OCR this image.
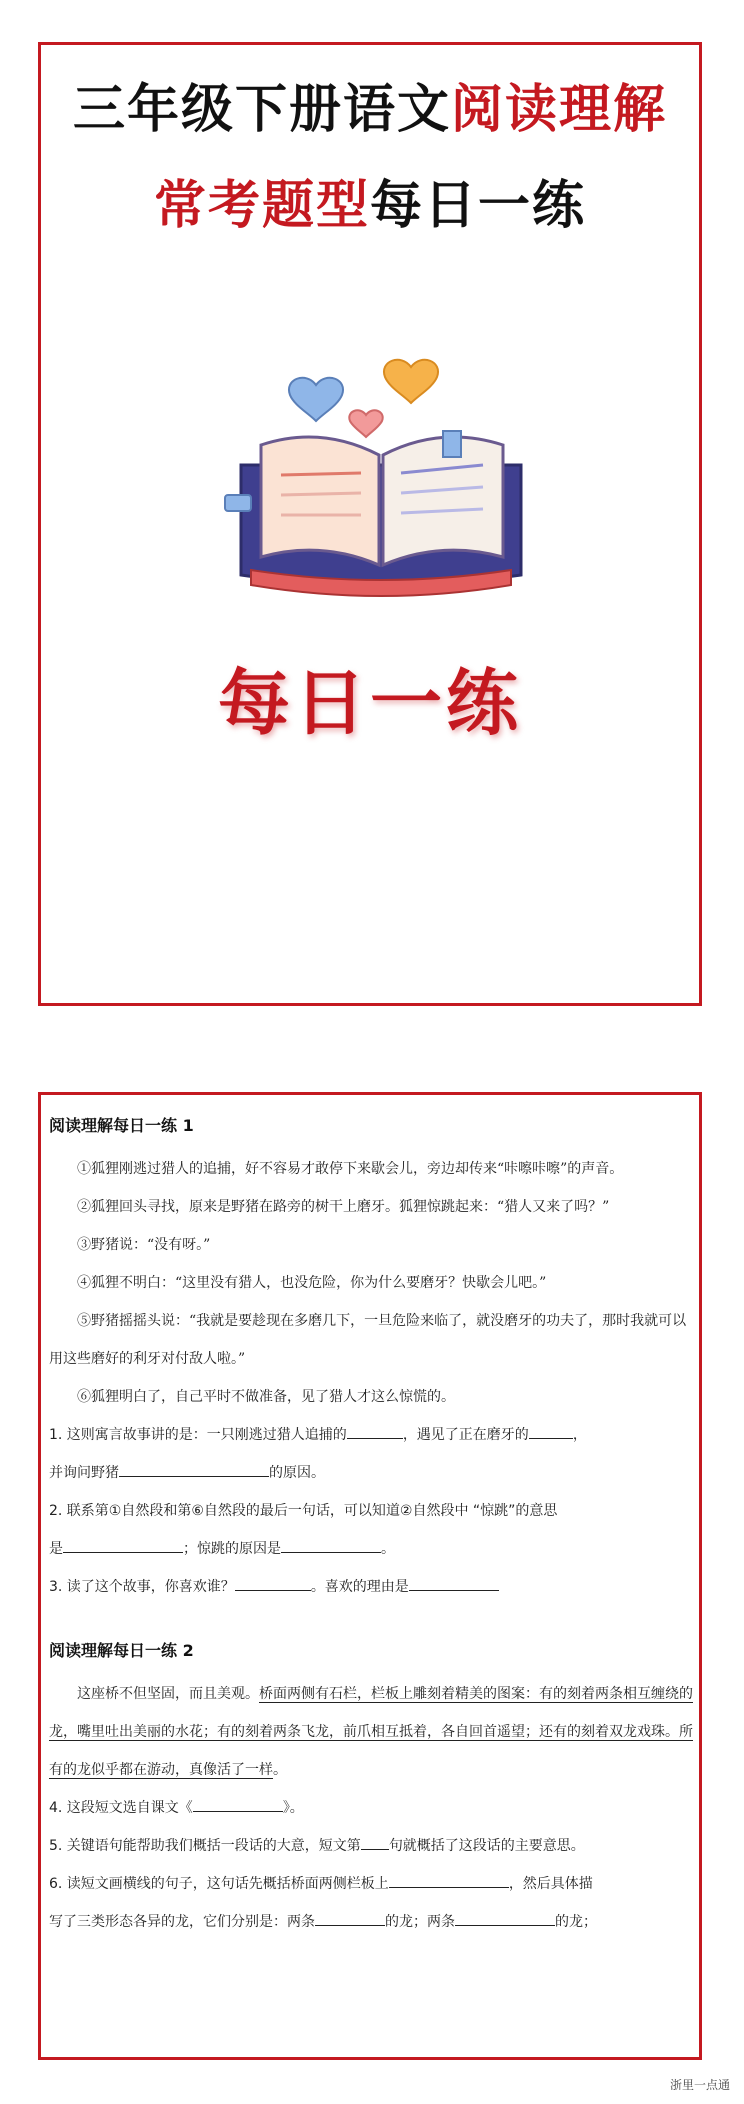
三年级下册语文阅读理解
常考题型每日一练
每日一练
阅读理解每日一练 1

①狐狸刚逃过猎人的追捕，好不容易才敢停下来歇会儿，旁边却传来“咔嚓咔嚓”的声音。

②狐狸回头寻找，原来是野猪在路旁的树干上磨牙。狐狸惊跳起来：“猎人又来了吗？”

③野猪说：“没有呀。”

④狐狸不明白：“这里没有猎人，也没危险，你为什么要磨牙？快歇会儿吧。”

⑤野猪摇摇头说：“我就是要趁现在多磨几下，一旦危险来临了，就没磨牙的功夫了，那时我就可以用这些磨好的利牙对付敌人啦。”

⑥狐狸明白了，自己平时不做准备，见了猎人才这么惊慌的。

1. 这则寓言故事讲的是：一只刚逃过猎人追捕的	，遇见了正在磨牙的	，
并询问野猪	的原因。

2. 联系第①自然段和第⑥自然段的最后一句话，可以知道②自然段中 “惊跳”的意思
是	；惊跳的原因是	。

3. 读了这个故事，你喜欢谁？	。喜欢的理由是

阅读理解每日一练 2

这座桥不但坚固，而且美观。桥面两侧有石栏，栏板上雕刻着精美的图案：有的刻着两条相互缠绕的龙，嘴里吐出美丽的水花；有的刻着两条飞龙，前爪相互抵着，各自回首遥望；还有的刻着双龙戏珠。所有的龙似乎都在游动，真像活了一样。

4. 这段短文选自课文《	》。

5. 关键语句能帮助我们概括一段话的大意，短文第 句就概括了这段话的主要意思。

6. 读短文画横线的句子，这句话先概括桥面两侧栏板上	，然后具体描
写了三类形态各异的龙，它们分别是：两条	的龙；两条	的龙；

浙里一点通
